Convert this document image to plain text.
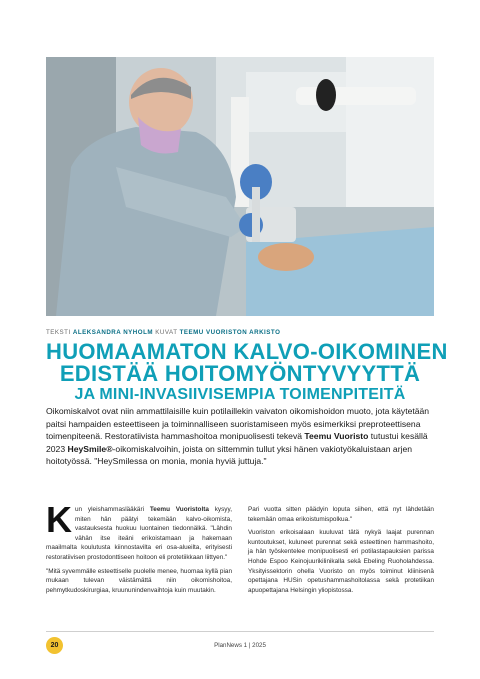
TEKSTI ALEKSANDRA NYHOLM KUVAT TEEMU VUORISTON ARKISTO
HUOMAAMATON KALVO-OIKOMINEN
EDISTÄÄ HOITOMYÖNTYVYYTTÄ
JA MINI-INVASIIVISEMPIA TOIMENPITEITÄ
Oikomiskalvot ovat niin ammattilaisille kuin potilaillekin vaivaton oikomishoidon muoto, jota käytetään paitsi hampaiden esteettiseen ja toiminnalliseen suoristamiseen myös esimerkiksi preproteettisena toimenpiteenä. Restoratiivista hammashoitoa monipuolisesti tekevä Teemu Vuoristo tutustui kesällä 2023 HeySmile®-oikomiskalvoihin, joista on sittemmin tullut yksi hänen vakiotyökaluistaan arjen hoitotyössä. "HeySmilessa on monia, monia hyviä juttuja."

Kun yleishammaslääkäri Teemu Vuoristolta kysyy, miten hän päätyi tekemään kalvo-oikomista, vastauksesta huokuu luontainen tiedonnälkä. "Lähdin vähän itse iteäni erikoistamaan ja hakemaan maailmalta koulutusta kiinnostavilta eri osa-alueilta, erityisesti restoratiivisen prostodonttiseen hoitoon eli protetiikkaan liittyen."

"Mitä syvemmälle esteettiselle puolelle menee, huomaa kyllä pian mukaan tulevan väistämättä niin oikomishoitoa, pehmytkudoskirurgiaa, kruunuпindenvaihtoja kuin muutakin.

Pari vuotta sitten päädyin loputa siihen, että nyt lähdetään tekemään omaa erikoistumispolkua."

Vuoriston erikoisalaan kuuluvat tätä nykyä laajat purennan kuntoutukset, kuluneet purennat sekä esteettinen hammashoito, ja hän työskentelee monipuolisesti eri potilastapauksien parissa Hohde Espoo Keinojuurikilinikalla sekä Ebeling Ruoholahdessa. Yksityissektorin ohella Vuoristo on myös toiminut kliinisenä opettajana HUSin opetushammashoitolassa sekä protetiikan apuopettajana Helsingin yliopistossa.

20	PlanNews 1 | 2025
